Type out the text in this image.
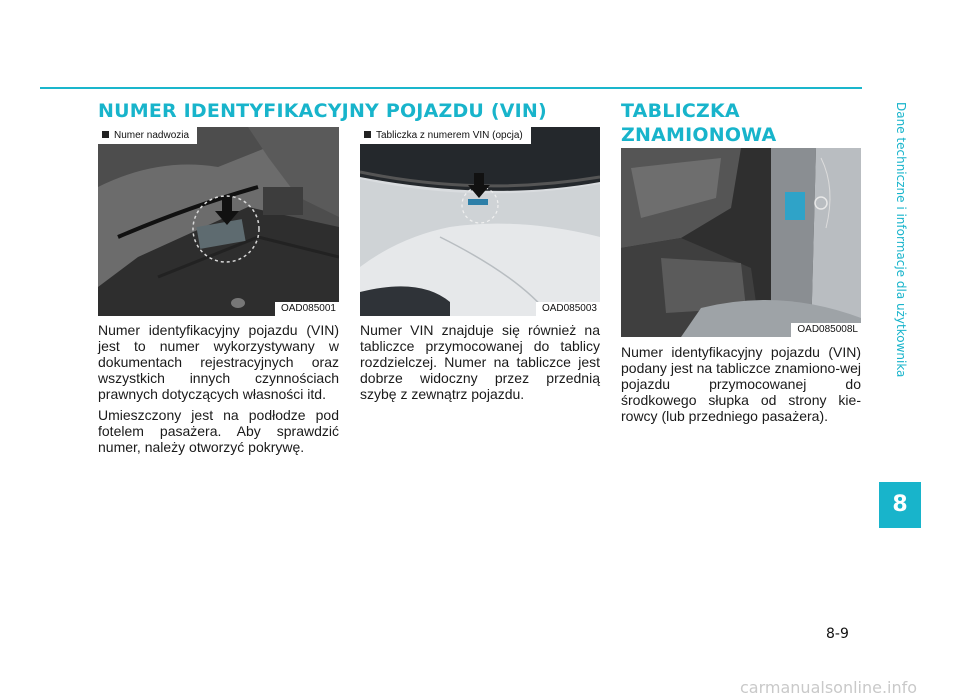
NUMER IDENTYFIKACYJNY POJAZDU (VIN)
Numer nadwozia
OAD085001
Tabliczka z numerem VIN (opcja)
OAD085003

Numer identyfikacyjny pojazdu (VIN) jest to numer wykorzystywany w dokumentach rejestracyjnych oraz wszystkich innych czynnościach prawnych dotyczących własności itd.

Umieszczony jest na podłodze pod fotelem pasażera. Aby sprawdzić numer, należy otworzyć pokrywę.

Numer VIN znajduje się również na tabliczce przymocowanej do tablicy rozdzielczej. Numer na tabliczce jest dobrze widoczny przez przednią szybę z zewnątrz pojazdu.

TABLICZKA ZNAMIONOWA

OAD085008L

Numer identyfikacyjny pojazdu (VIN) podany jest na tabliczce znamiono-wej pojazdu przymocowanej do środkowego słupka od strony kie-rowcy (lub przedniego pasażera).

Dane techniczne i informacje dla użytkownika
8
8-9
carmanualsonline.info
